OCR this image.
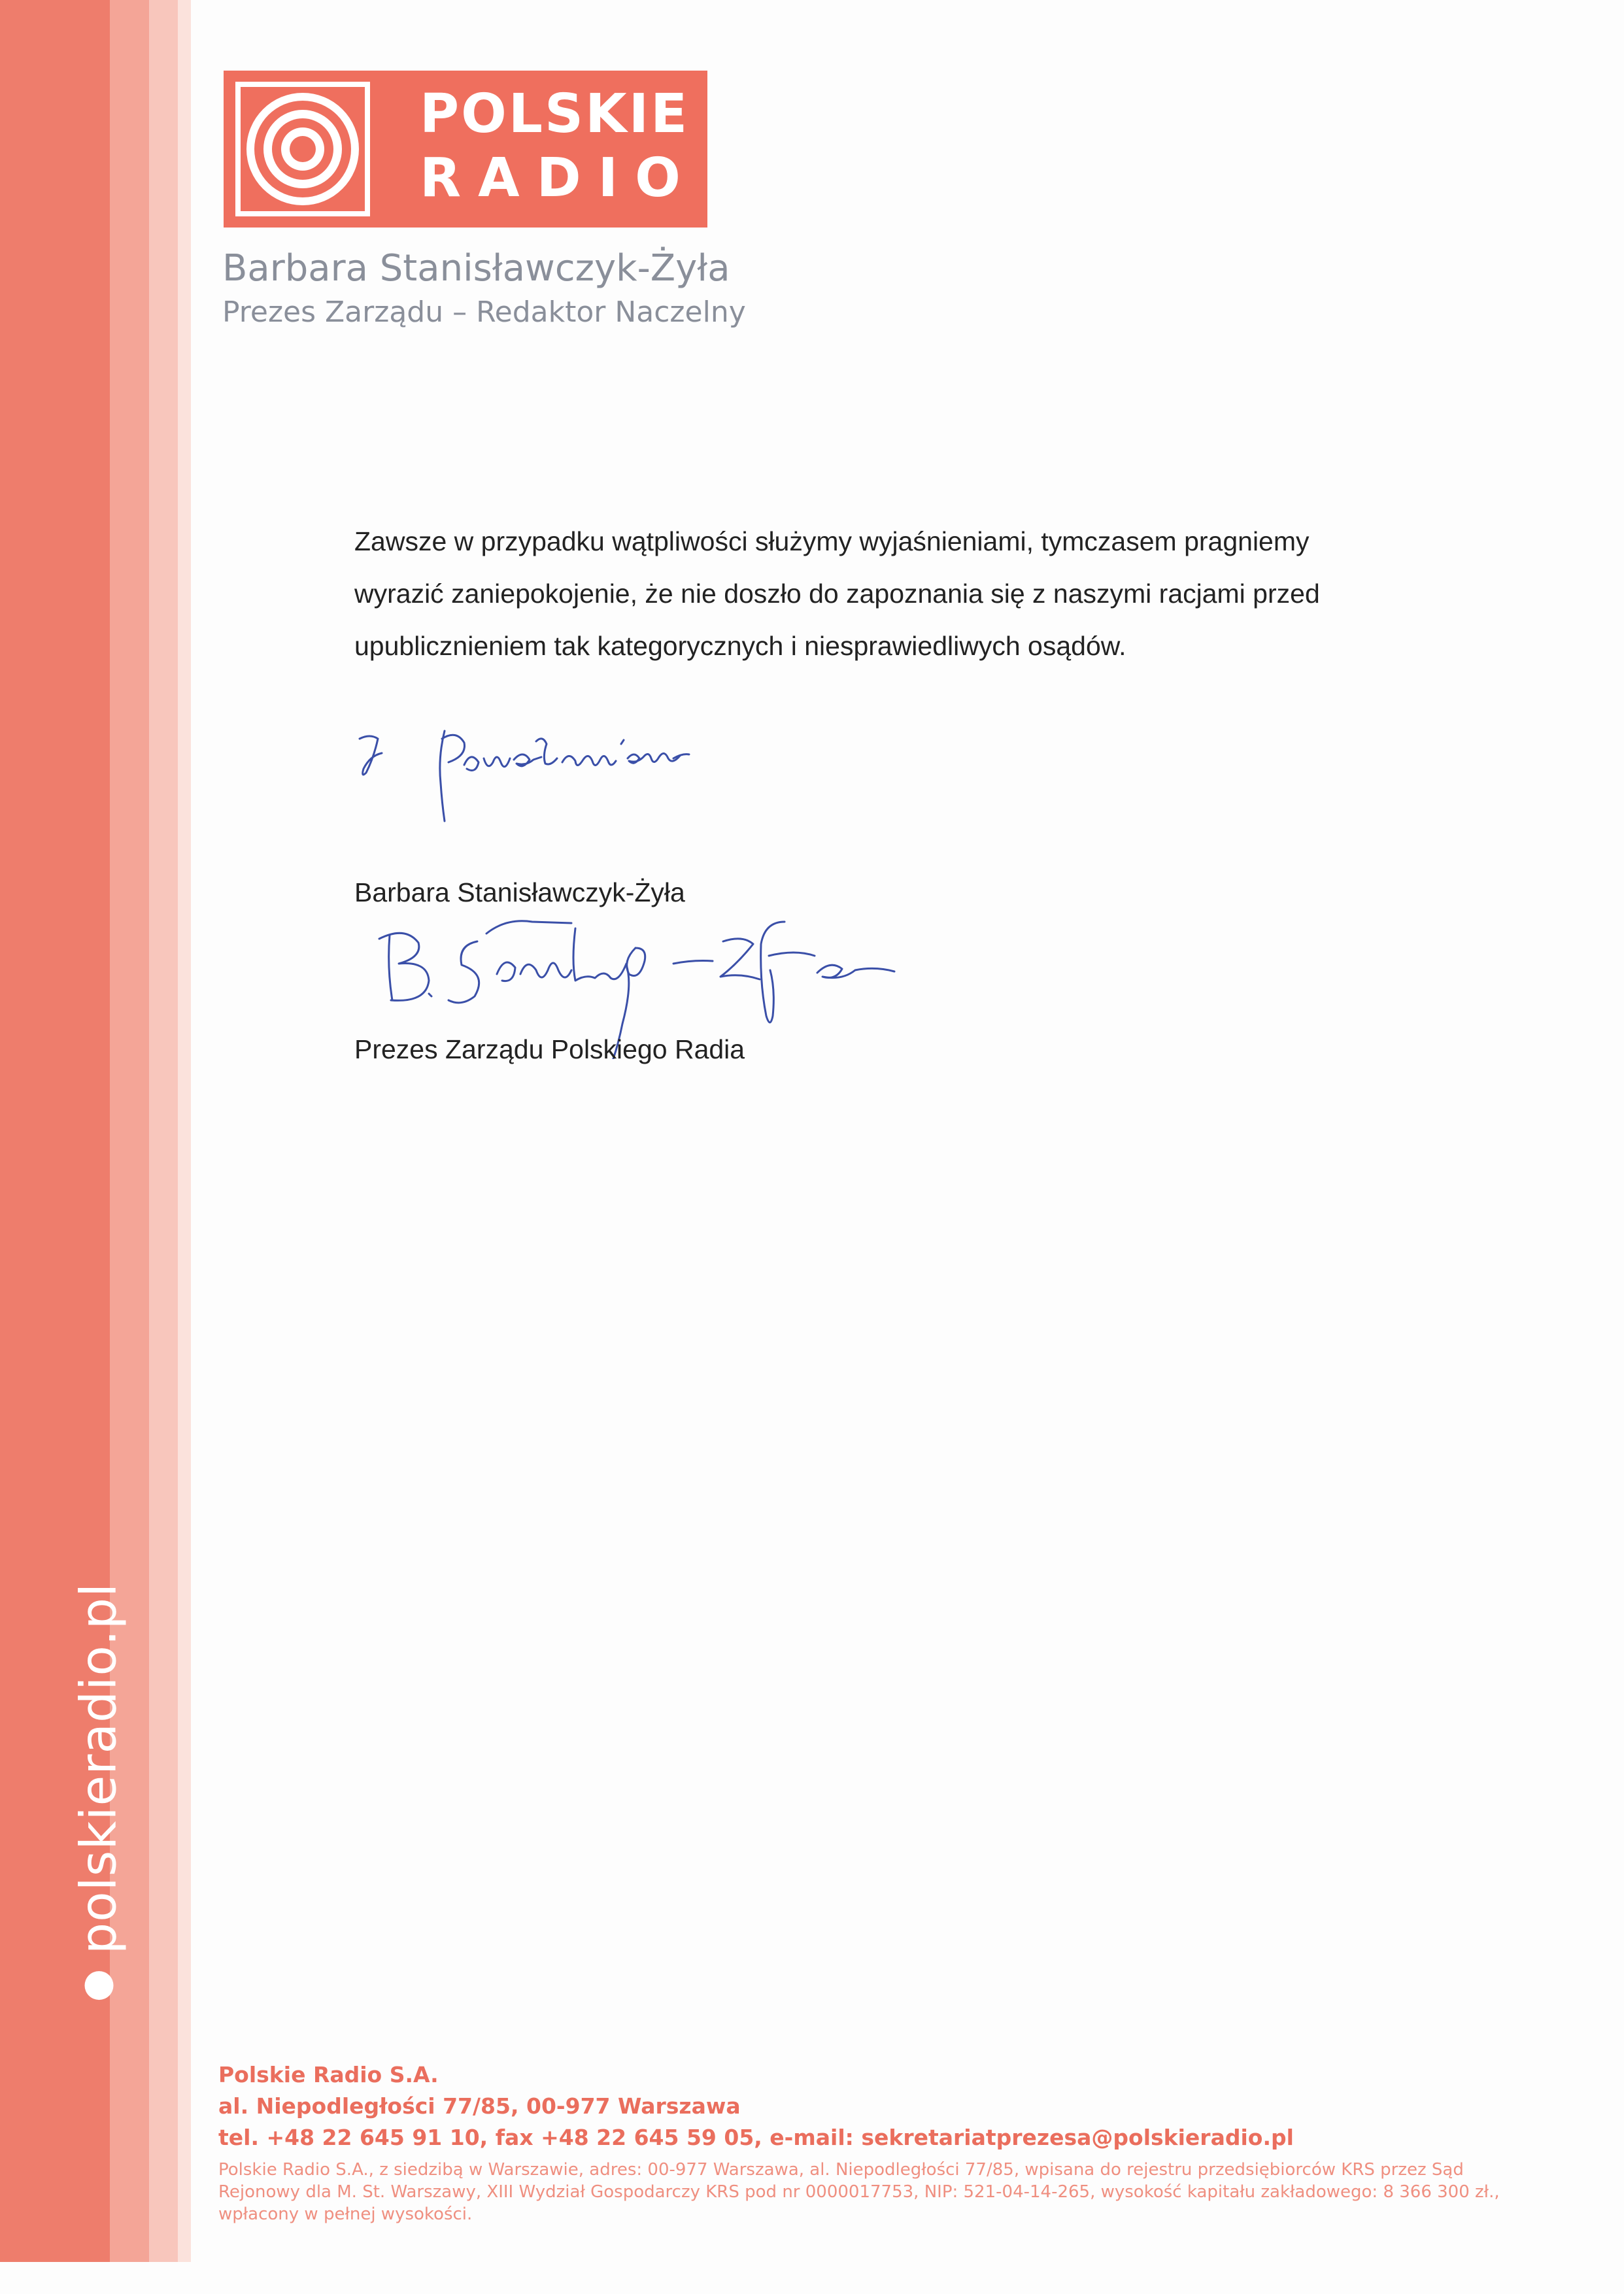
polskieradio.pl
POLSKIE
RADIO
Barbara Stanisławczyk-Żyła
Prezes Zarządu – Redaktor Naczelny

Zawsze w przypadku wątpliwości służymy wyjaśnieniami, tymczasem pragniemy

wyrazić zaniepokojenie, że nie doszło do zapoznania się z naszymi racjami przed

upublicznieniem tak kategorycznych i niesprawiedliwych osądów.

Barbara Stanisławczyk-Żyła
Prezes Zarządu Polskiego Radia
Polskie Radio S.A.
al. Niepodległości 77/85, 00-977 Warszawa
tel. +48 22 645 91 10, fax +48 22 645 59 05, e-mail: sekretariatprezesa@polskieradio.pl
Polskie Radio S.A., z siedzibą w Warszawie, adres: 00-977 Warszawa, al. Niepodległości 77/85, wpisana do rejestru przedsiębiorców KRS przez Sąd Rejonowy dla M. St. Warszawy, XIII Wydział Gospodarczy KRS pod nr 0000017753, NIP: 521-04-14-265, wysokość kapitału zakładowego: 8 366 300 zł., wpłacony w pełnej wysokości.
